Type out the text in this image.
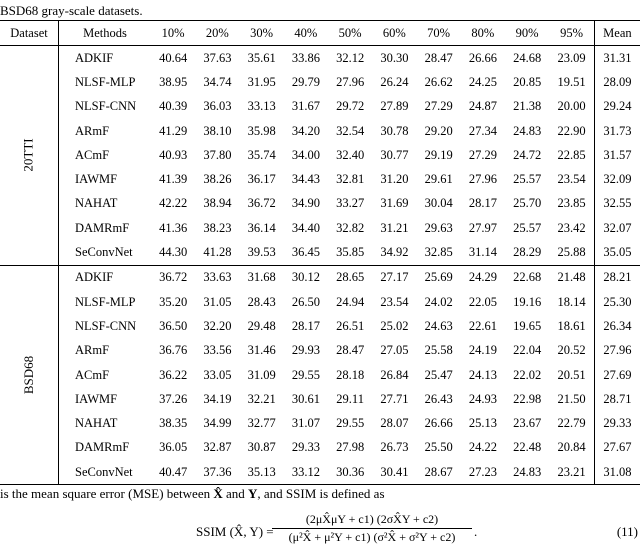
BSD68 gray-scale datasets.
Dataset	Methods	10%	20%	30%	40%	50%	60%	70%	80%	90%	95%	Mean
20TTI	ADKIF	40.64	37.63	35.61	33.86	32.12	30.30	28.47	26.66	24.68	23.09	31.31
	NLSF-MLP	38.95	34.74	31.95	29.79	27.96	26.24	26.62	24.25	20.85	19.51	28.09
	NLSF-CNN	40.39	36.03	33.13	31.67	29.72	27.89	27.29	24.87	21.38	20.00	29.24
	ARmF	41.29	38.10	35.98	34.20	32.54	30.78	29.20	27.34	24.83	22.90	31.73
	ACmF	40.93	37.80	35.74	34.00	32.40	30.77	29.19	27.29	24.72	22.85	31.57
	IAWMF	41.39	38.26	36.17	34.43	32.81	31.20	29.61	27.96	25.57	23.54	32.09
	NAHAT	42.22	38.94	36.72	34.90	33.27	31.69	30.04	28.17	25.70	23.85	32.55
	DAMRmF	41.36	38.23	36.14	34.40	32.82	31.21	29.63	27.97	25.57	23.42	32.07
	SeConvNet	44.30	41.28	39.53	36.45	35.85	34.92	32.85	31.14	28.29	25.88	35.05
BSD68	ADKIF	36.72	33.63	31.68	30.12	28.65	27.17	25.69	24.29	22.68	21.48	28.21
	NLSF-MLP	35.20	31.05	28.43	26.50	24.94	23.54	24.02	22.05	19.16	18.14	25.30
	NLSF-CNN	36.50	32.20	29.48	28.17	26.51	25.02	24.63	22.61	19.65	18.61	26.34
	ARmF	36.76	33.56	31.46	29.93	28.47	27.05	25.58	24.19	22.04	20.52	27.96
	ACmF	36.22	33.05	31.09	29.55	28.18	26.84	25.47	24.13	22.02	20.51	27.69
	IAWMF	37.26	34.19	32.21	30.61	29.11	27.71	26.43	24.93	22.98	21.50	28.71
	NAHAT	38.35	34.99	32.77	31.07	29.55	28.07	26.66	25.13	23.67	22.79	29.33
	DAMRmF	36.05	32.87	30.87	29.33	27.98	26.73	25.50	24.22	22.48	20.84	27.67
	SeConvNet	40.47	37.36	35.13	33.12	30.36	30.41	28.67	27.23	24.83	23.21	31.08
is the mean square error (MSE) between X̂ and Y, and SSIM is defined as
SSIM (X̂, Y) =
$\frac{(2\mu X̂\mu Y + c1) (2\sigma X̂Y + c2)}{\text{(μ²X̂ + μ²Y + c1) (σ²X̂ + σ²Y + c2)}}$ .	(11)
